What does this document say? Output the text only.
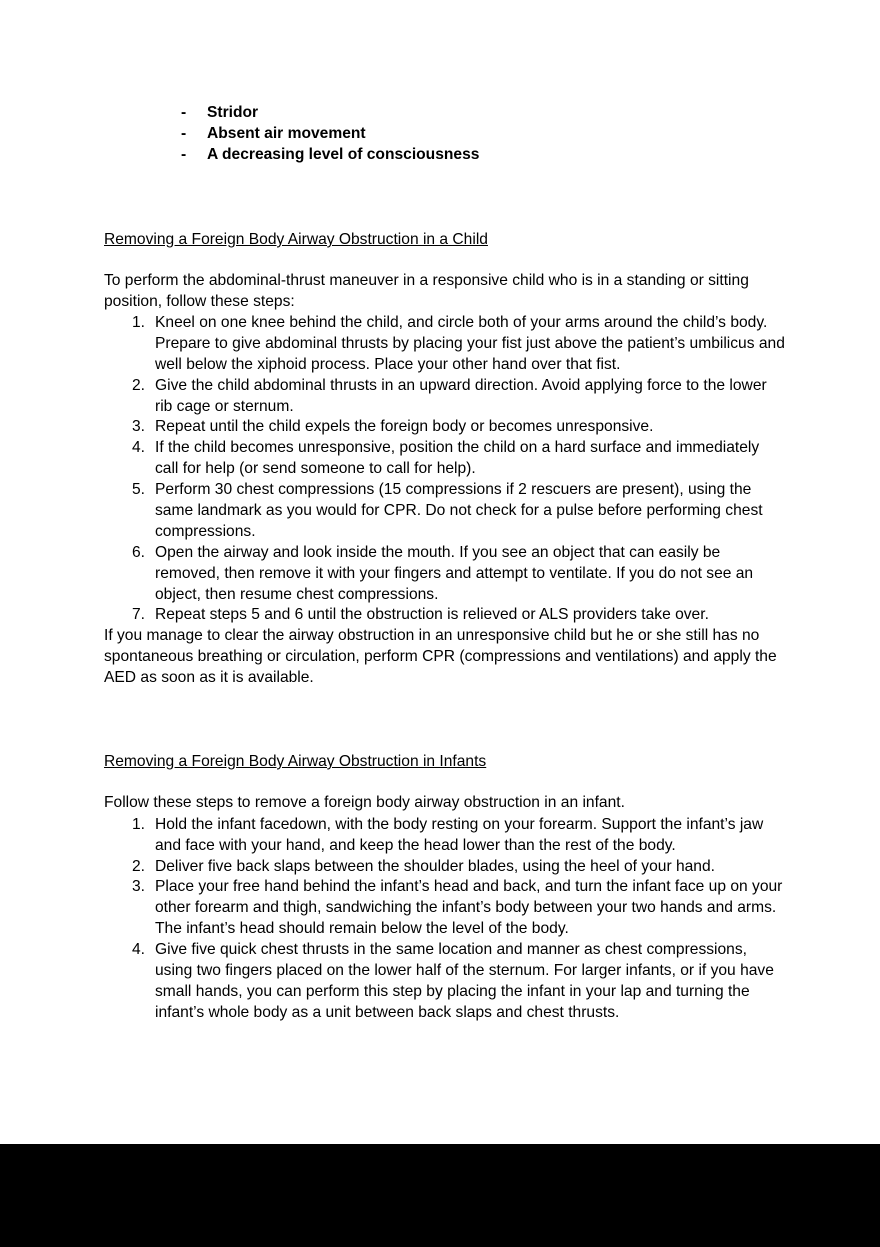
- Stridor
- Absent air movement
- A decreasing level of consciousness
Removing a Foreign Body Airway Obstruction in a Child
To perform the abdominal-thrust maneuver in a responsive child who is in a standing or sitting position, follow these steps:
1. Kneel on one knee behind the child, and circle both of your arms around the child’s body. Prepare to give abdominal thrusts by placing your fist just above the patient’s umbilicus and well below the xiphoid process. Place your other hand over that fist.
2. Give the child abdominal thrusts in an upward direction. Avoid applying force to the lower rib cage or sternum.
3. Repeat until the child expels the foreign body or becomes unresponsive.
4. If the child becomes unresponsive, position the child on a hard surface and immediately call for help (or send someone to call for help).
5. Perform 30 chest compressions (15 compressions if 2 rescuers are present), using the same landmark as you would for CPR. Do not check for a pulse before performing chest compressions.
6. Open the airway and look inside the mouth. If you see an object that can easily be removed, then remove it with your fingers and attempt to ventilate. If you do not see an object, then resume chest compressions.
7. Repeat steps 5 and 6 until the obstruction is relieved or ALS providers take over.
If you manage to clear the airway obstruction in an unresponsive child but he or she still has no spontaneous breathing or circulation, perform CPR (compressions and ventilations) and apply the AED as soon as it is available.
Removing a Foreign Body Airway Obstruction in Infants
Follow these steps to remove a foreign body airway obstruction in an infant.
1. Hold the infant facedown, with the body resting on your forearm. Support the infant’s jaw and face with your hand, and keep the head lower than the rest of the body.
2. Deliver five back slaps between the shoulder blades, using the heel of your hand.
3. Place your free hand behind the infant’s head and back, and turn the infant face up on your other forearm and thigh, sandwiching the infant’s body between your two hands and arms. The infant’s head should remain below the level of the body.
4. Give five quick chest thrusts in the same location and manner as chest compressions, using two fingers placed on the lower half of the sternum. For larger infants, or if you have small hands, you can perform this step by placing the infant in your lap and turning the infant’s whole body as a unit between back slaps and chest thrusts.
